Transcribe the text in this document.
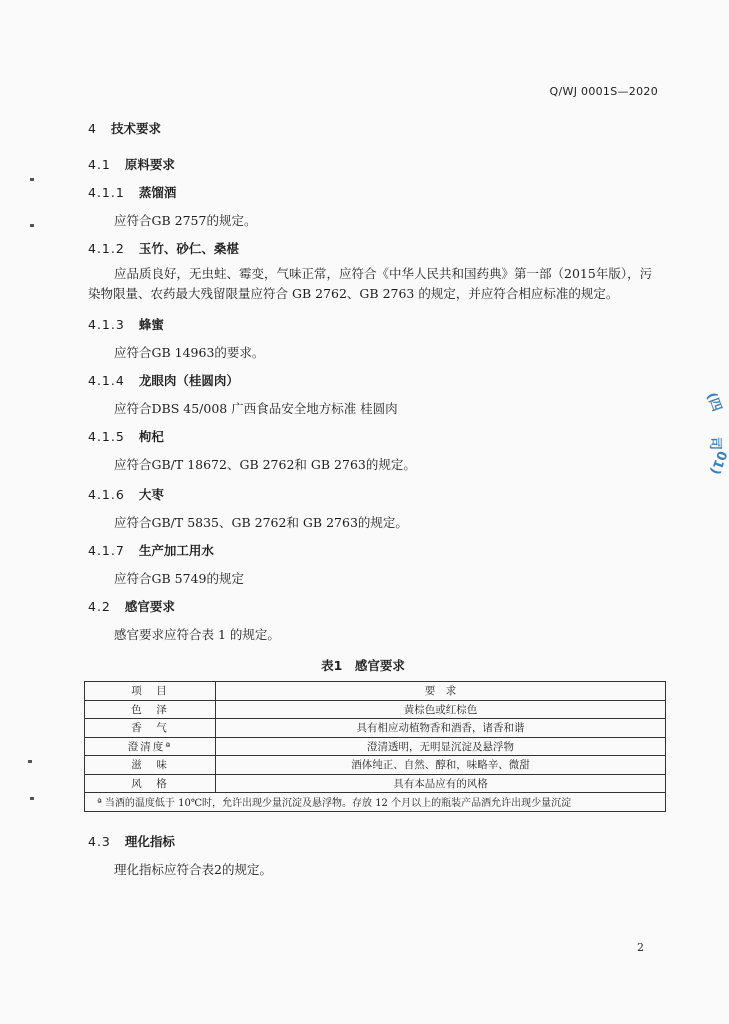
Q/WJ 0001S—2020
4 技术要求
4.1 原料要求
4.1.1 蒸馏酒
应符合GB 2757的规定。
4.1.2 玉竹、砂仁、桑椹
应品质良好，无虫蛀、霉变，气味正常，应符合《中华人民共和国药典》第一部（2015年版），污染物限量、农药最大残留限量应符合 GB 2762、GB 2763 的规定，并应符合相应标准的规定。
4.1.3 蜂蜜
应符合GB 14963的要求。
4.1.4 龙眼肉（桂圆肉）
应符合DBS 45/008 广西食品安全地方标准 桂圆肉
4.1.5 枸杞
应符合GB/T 18672、GB 2762和 GB 2763的规定。
4.1.6 大枣
应符合GB/T 5835、GB 2762和 GB 2763的规定。
4.1.7 生产加工用水
应符合GB 5749的规定
4.2 感官要求
感官要求应符合表 1 的规定。
表1　感官要求
项　目	要　求
色　泽	黄棕色或红棕色
香　气	具有相应动植物香和酒香，诸香和谐
澄清度ª	澄清透明，无明显沉淀及悬浮物
滋　味	酒体纯正、自然、醇和，味略辛、微甜
风　格	具有本品应有的风格
ª 当酒的温度低于 10℃时，允许出现少量沉淀及悬浮物。存放 12 个月以上的瓶装产品酒允许出现少量沉淀	
4.3 理化指标
理化指标应符合表2的规定。
2
(四
司
01)
